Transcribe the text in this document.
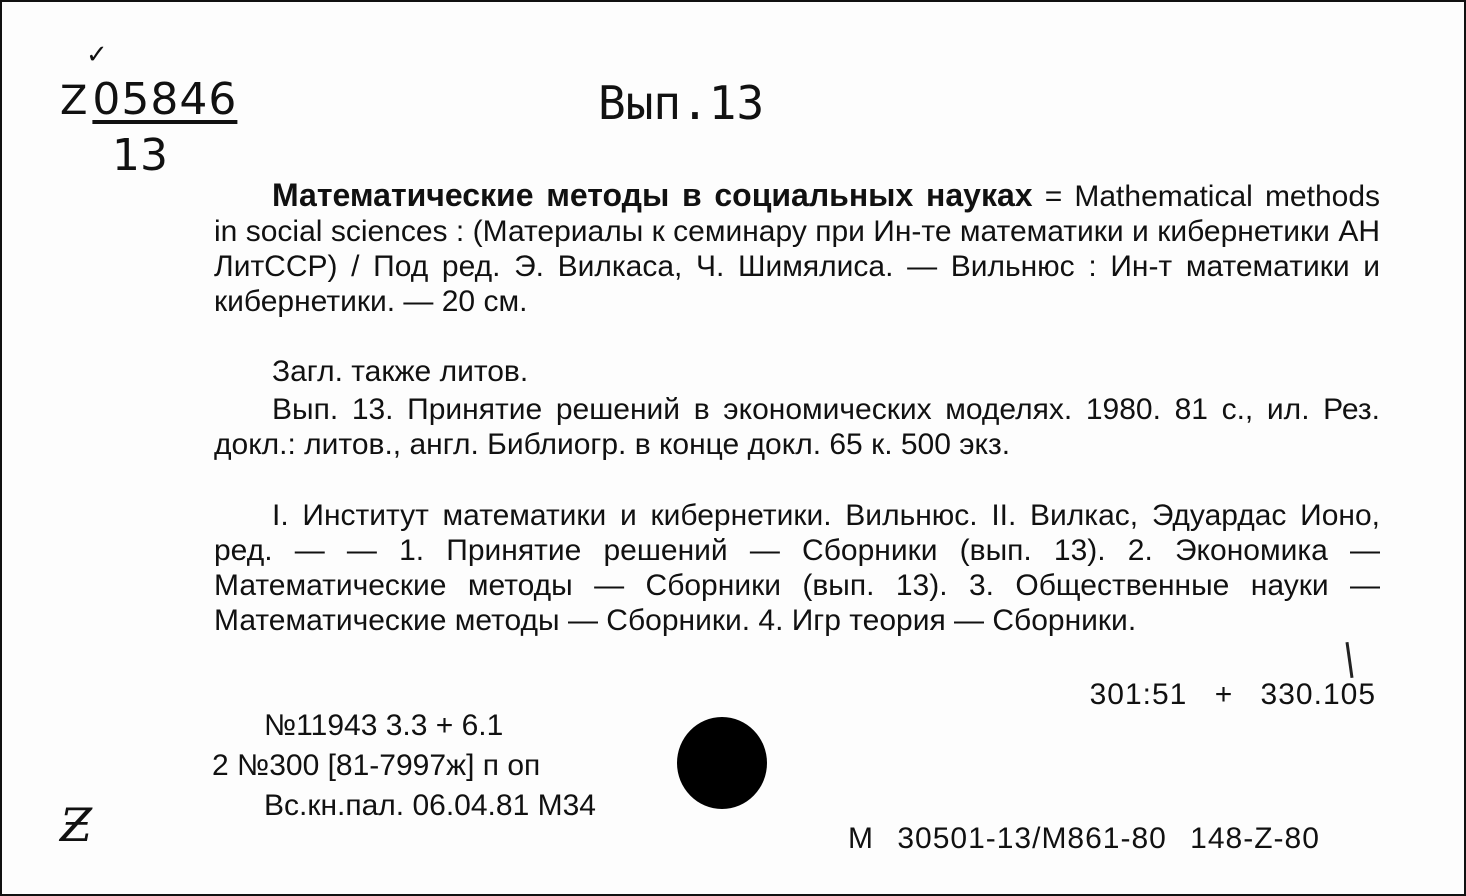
✓
Z05846
13
Вып.13

Математические методы в социальных науках = Mathematical methods in social sciences : (Материалы к семинару при Ин-те математики и кибернетики АН ЛитССР) / Под ред. Э. Вилкаса, Ч. Шимялиса. — Вильнюс : Ин-т математики и кибернетики. — 20 см.

Загл. также литов.

Вып. 13. Принятие решений в экономических моделях. 1980. 81 с., ил. Рез. докл.: литов., англ. Библиогр. в конце докл. 65 к. 500 экз.

I. Институт математики и кибернетики. Вильнюс. II. Вилкас, Эдуардас Ионо, ред. — — 1. Принятие решений — Сборники (вып. 13). 2. Экономика — Математические методы — Сборники (вып. 13). 3. Общественные науки — Математические методы — Сборники. 4. Игр теория — Сборники.

301:51 + 330.105
№11943 3.3 + 6.1
2 №300 [81-7997ж] п оп
Вс.кн.пал. 06.04.81 М34
Ƶ	М 30501-13/М861-80 148-Z-80
